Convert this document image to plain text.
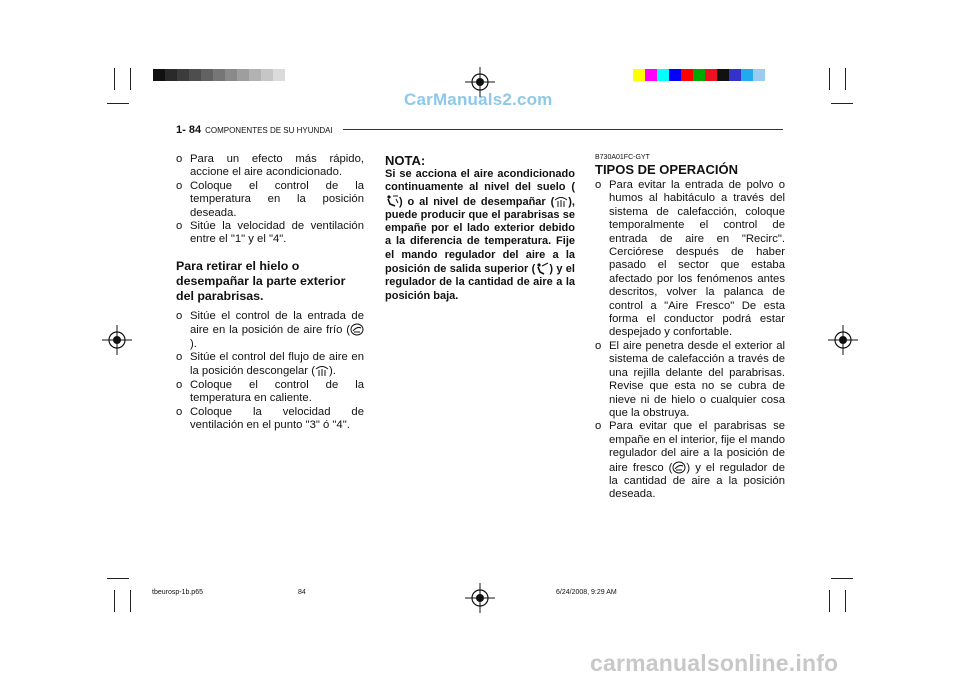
CarManuals2.com
carmanualsonline.info
1- 84 COMPONENTES DE SU HYUNDAI
o Para un efecto más rápido, accione el aire acondicionado.
o Coloque el control de la temperatura en la posición deseada.
o Sitúe la velocidad de ventilación entre el "1" y el "4".
Para retirar el hielo o desempañar la parte exterior del parabrisas.
o Sitúe el control de la entrada de aire en la posición de aire frío ().
o Sitúe el control del flujo de aire en la posición descongelar ( ).
o Coloque el control de la temperatura en caliente.
o Coloque la velocidad de ventilación en el punto "3" ó "4".
NOTA:
Si se acciona el aire acondicionado continuamente al nivel del suelo () o al nivel de desempañar ( ), puede producir que el parabrisas se empañe por el lado exterior debido a la diferencia de temperatura. Fije el mando regulador del aire a la posición de salida superior ( ) y el regulador de la cantidad de aire a la posición baja.
B730A01FC-GYT
TIPOS DE OPERACIÓN
o Para evitar la entrada de polvo o humos al habitáculo a través del sistema de calefacción, coloque temporalmente el control de entrada de aire en "Recirc". Cerciórese después de haber pasado el sector que estaba afectado por los fenómenos antes descritos, volver la palanca de control a "Aire Fresco" De esta forma el conductor podrá estar despejado y confortable.
o El aire penetra desde el exterior al sistema de calefacción a través de una rejilla delante del parabrisas. Revise que esta no se cubra de nieve ni de hielo o cualquier cosa que la obstruya.
o Para evitar que el parabrisas se empañe en el interior, fije el mando regulador del aire a la posición de aire fresco ( ) y el regulador de la cantidad de aire a la posición deseada.
tbeurosp-1b.p65	84	6/24/2008, 9:29 AM
